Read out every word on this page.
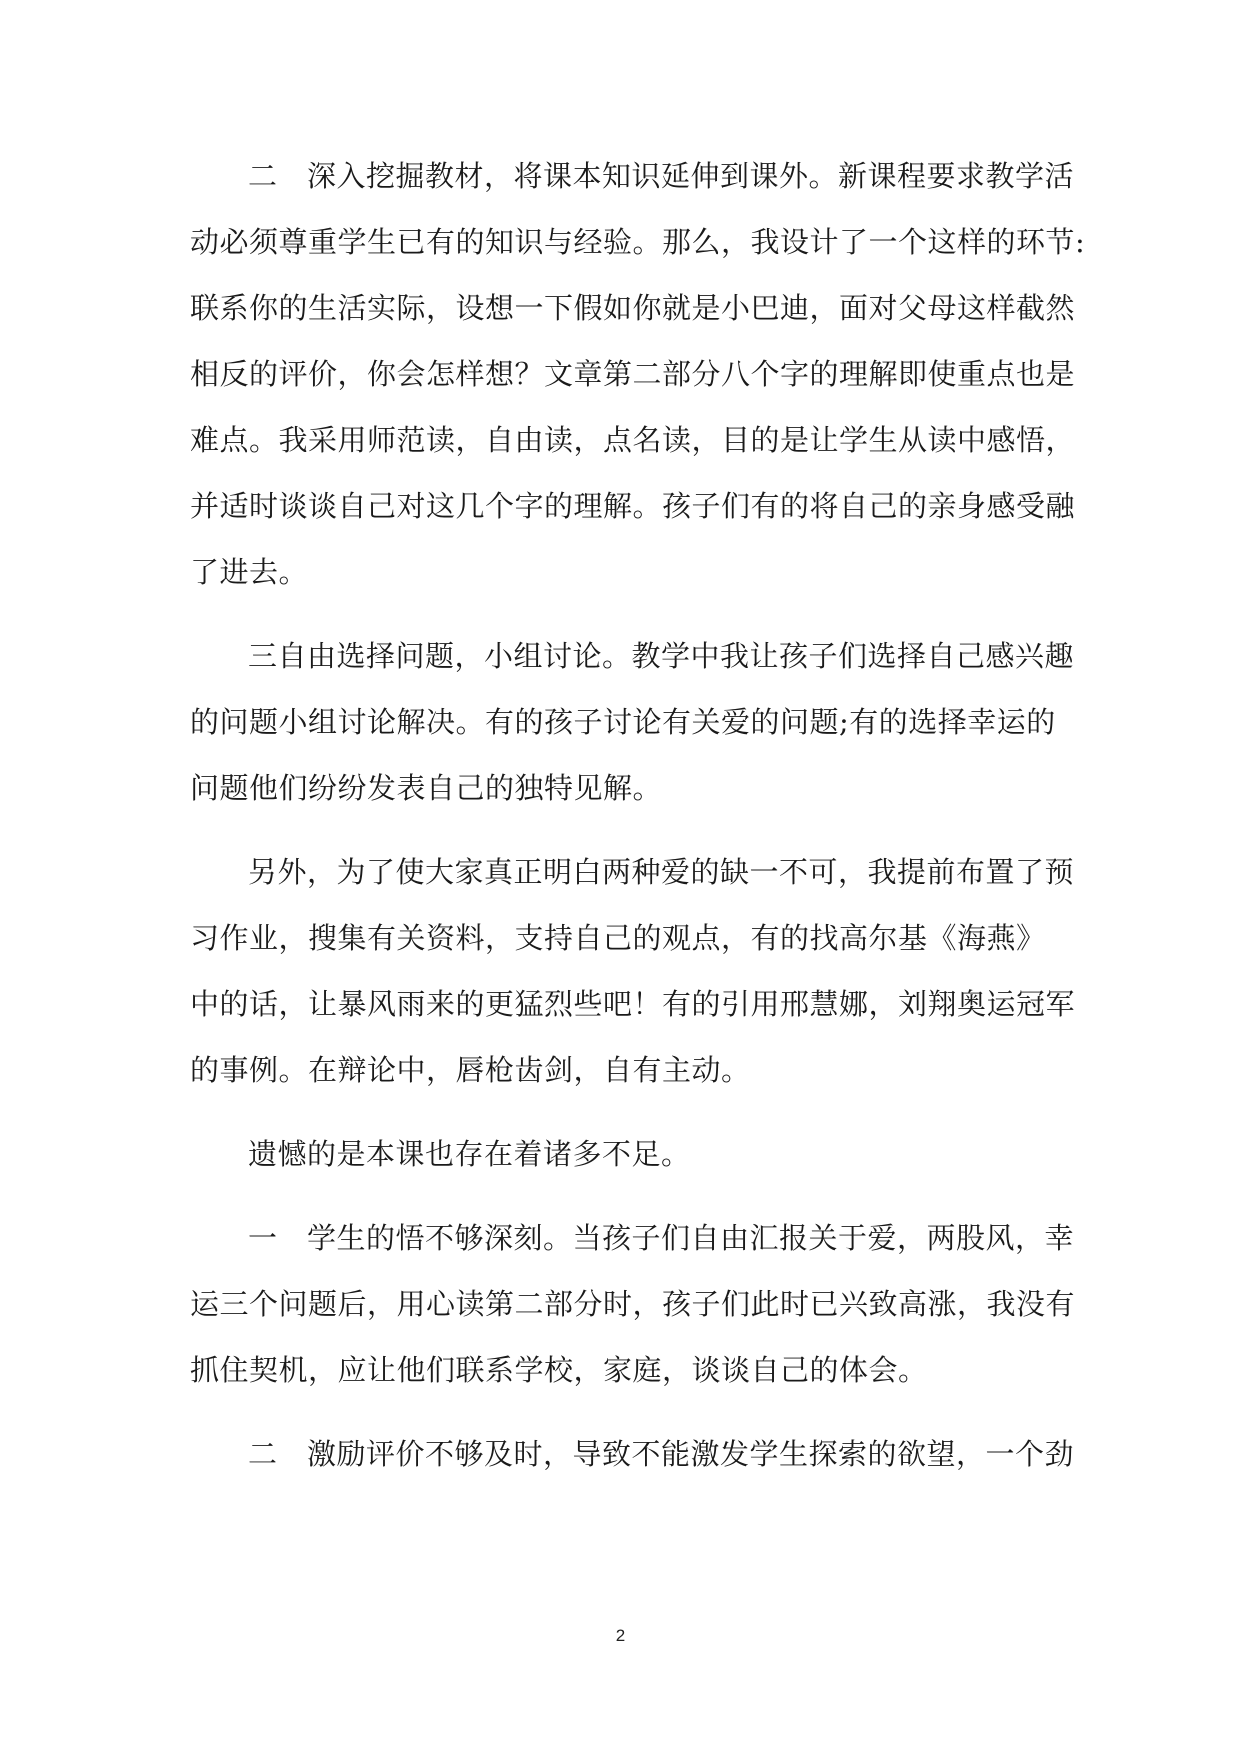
二　深入挖掘教材，将课本知识延伸到课外。新课程要求教学活
动必须尊重学生已有的知识与经验。那么，我设计了一个这样的环节:
联系你的生活实际，设想一下假如你就是小巴迪，面对父母这样截然
相反的评价，你会怎样想？文章第二部分八个字的理解即使重点也是
难点。我采用师范读，自由读，点名读，目的是让学生从读中感悟，
并适时谈谈自己对这几个字的理解。孩子们有的将自己的亲身感受融
了进去。
三自由选择问题，小组讨论。教学中我让孩子们选择自己感兴趣
的问题小组讨论解决。有的孩子讨论有关爱的问题;有的选择幸运的
问题他们纷纷发表自己的独特见解。
另外，为了使大家真正明白两种爱的缺一不可，我提前布置了预
习作业，搜集有关资料，支持自己的观点，有的找高尔基《海燕》
中的话，让暴风雨来的更猛烈些吧！有的引用邢慧娜，刘翔奥运冠军
的事例。在辩论中，唇枪齿剑，自有主动。
遗憾的是本课也存在着诸多不足。
一　学生的悟不够深刻。当孩子们自由汇报关于爱，两股风，幸
运三个问题后，用心读第二部分时，孩子们此时已兴致高涨，我没有
抓住契机，应让他们联系学校，家庭，谈谈自己的体会。
二　激励评价不够及时，导致不能激发学生探索的欲望，一个劲
2
